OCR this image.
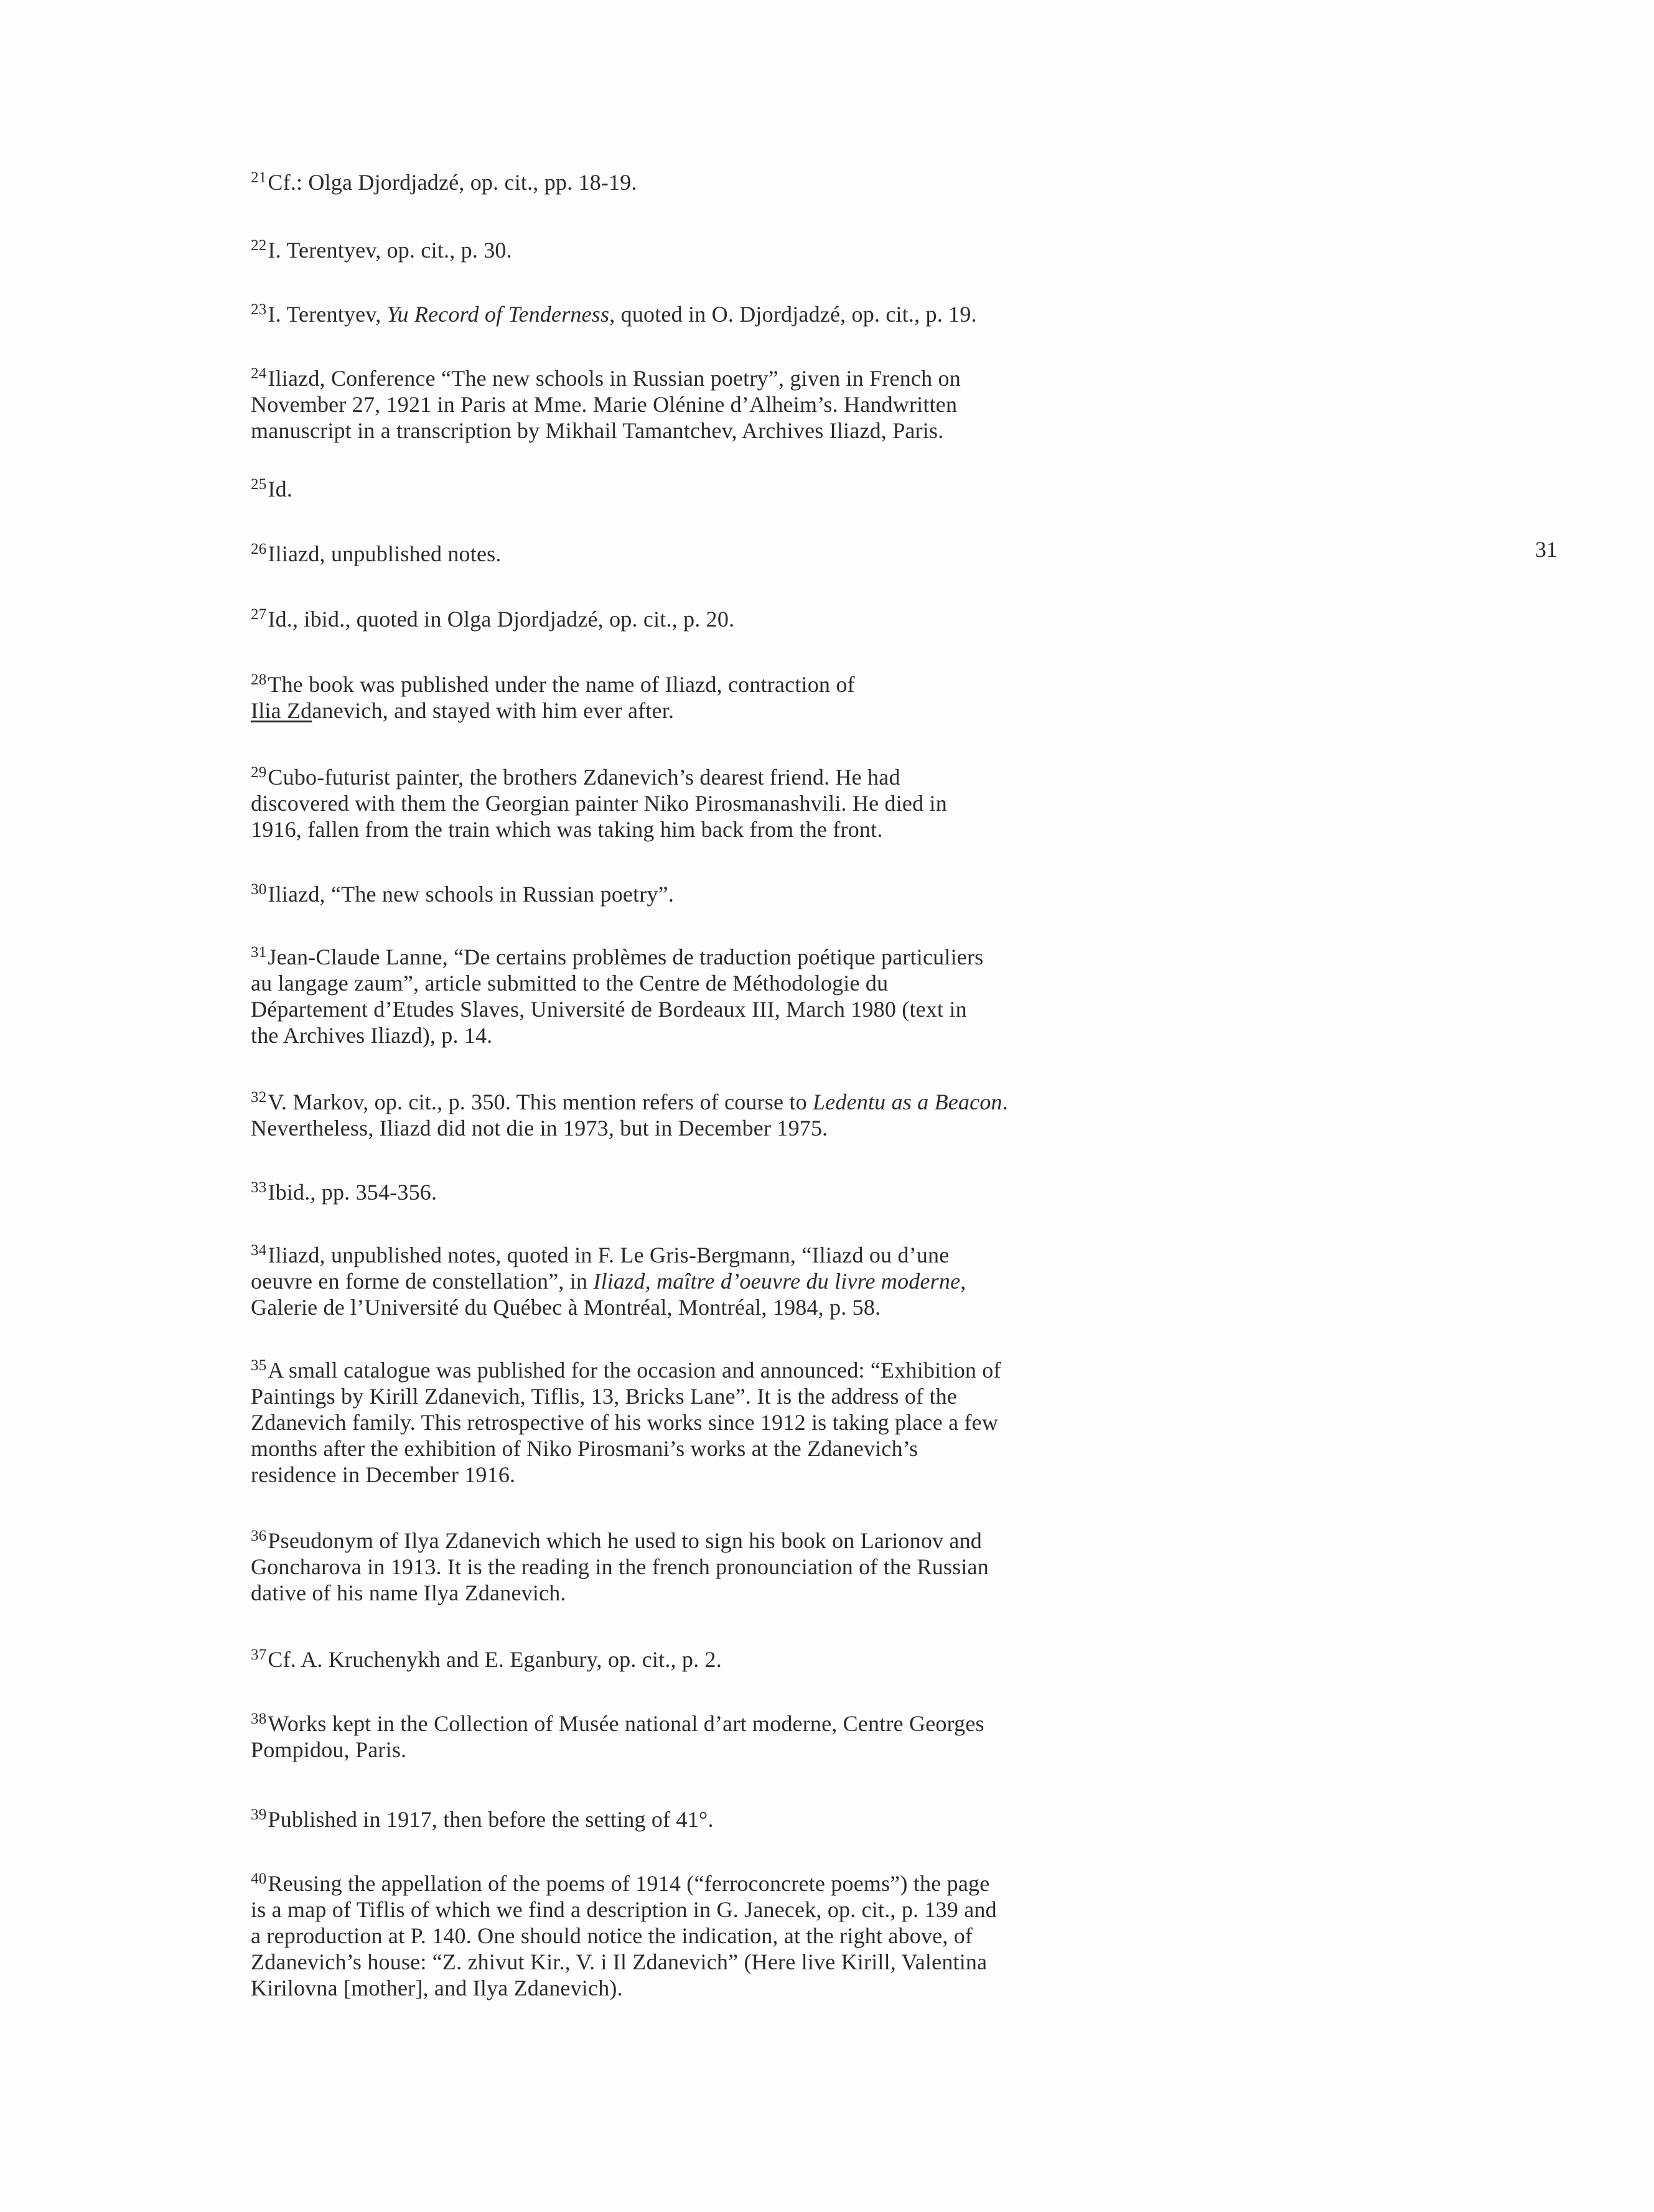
$^{21}$Cf.: Olga Djordjadzé, op. cit., pp. 18-19.

$^{22}$I. Terentyev, op. cit., p. 30.

$^{23}$I. Terentyev, Yu Record of Tenderness, quoted in O. Djordjadzé, op. cit., p. 19.

$^{24}$Iliazd, Conference “The new schools in Russian poetry”, given in French on
November 27, 1921 in Paris at Mme. Marie Olénine d’Alheim’s. Handwritten
manuscript in a transcription by Mikhail Tamantchev, Archives Iliazd, Paris.

$^{25}$Id.

$^{26}$Iliazd, unpublished notes.

$^{27}$Id., ibid., quoted in Olga Djordjadzé, op. cit., p. 20.

$^{28}$The book was published under the name of Iliazd, contraction of
Ilia Zdanevich, and stayed with him ever after.

$^{29}$Cubo-futurist painter, the brothers Zdanevich’s dearest friend. He had
discovered with them the Georgian painter Niko Pirosmanashvili. He died in
1916, fallen from the train which was taking him back from the front.

$^{30}$Iliazd, “The new schools in Russian poetry”.

$^{31}$Jean-Claude Lanne, “De certains problèmes de traduction poétique particuliers
au langage zaum”, article submitted to the Centre de Méthodologie du
Département d’Etudes Slaves, Université de Bordeaux III, March 1980 (text in
the Archives Iliazd), p. 14.

$^{32}$V. Markov, op. cit., p. 350. This mention refers of course to Ledentu as a Beacon.
Nevertheless, Iliazd did not die in 1973, but in December 1975.

$^{33}$Ibid., pp. 354-356.

$^{34}$Iliazd, unpublished notes, quoted in F. Le Gris-Bergmann, “Iliazd ou d’une
oeuvre en forme de constellation”, in Iliazd, maître d’oeuvre du livre moderne,
Galerie de l’Université du Québec à Montréal, Montréal, 1984, p. 58.

$^{35}$A small catalogue was published for the occasion and announced: “Exhibition of
Paintings by Kirill Zdanevich, Tiflis, 13, Bricks Lane”. It is the address of the
Zdanevich family. This retrospective of his works since 1912 is taking place a few
months after the exhibition of Niko Pirosmani’s works at the Zdanevich’s
residence in December 1916.

$^{36}$Pseudonym of Ilya Zdanevich which he used to sign his book on Larionov and
Goncharova in 1913. It is the reading in the french pronounciation of the Russian
dative of his name Ilya Zdanevich.

$^{37}$Cf. A. Kruchenykh and E. Eganbury, op. cit., p. 2.

$^{38}$Works kept in the Collection of Musée national d’art moderne, Centre Georges
Pompidou, Paris.

$^{39}$Published in 1917, then before the setting of 41°.

$^{40}$Reusing the appellation of the poems of 1914 (“ferroconcrete poems”) the page
is a map of Tiflis of which we find a description in G. Janecek, op. cit., p. 139 and
a reproduction at P. 140. One should notice the indication, at the right above, of
Zdanevich’s house: “Z. zhivut Kir., V. i Il Zdanevich” (Here live Kirill, Valentina
Kirilovna [mother], and Ilya Zdanevich).

31
